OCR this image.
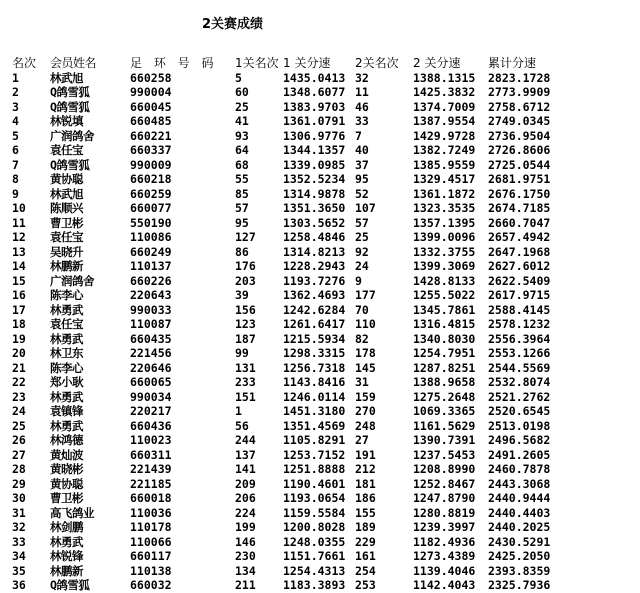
2关赛成绩
名次	会员姓名	足 环 号 码	1关名次	1 关分速	2关名次	2 关分速	累计分速
1	林武旭	660258	5	1435.0413	32	1388.1315	2823.1728
2	Q鸽雪狐	990004	60	1348.6077	11	1425.3832	2773.9909
3	Q鸽雪狐	660045	25	1383.9703	46	1374.7009	2758.6712
4	林锐填	660485	41	1361.0791	33	1387.9554	2749.0345
5	广润鸽舍	660221	93	1306.9776	7	1429.9728	2736.9504
6	袁任宝	660337	64	1344.1357	40	1382.7249	2726.8606
7	Q鸽雪狐	990009	68	1339.0985	37	1385.9559	2725.0544
8	黄协聪	660218	55	1352.5234	95	1329.4517	2681.9751
9	林武旭	660259	85	1314.9878	52	1361.1872	2676.1750
10	陈顺兴	660077	57	1351.3650	107	1323.3535	2674.7185
11	曹卫彬	550190	95	1303.5652	57	1357.1395	2660.7047
12	袁任宝	110086	127	1258.4846	25	1399.0096	2657.4942
13	吴晓升	660249	86	1314.8213	92	1332.3755	2647.1968
14	林鹏新	110137	176	1228.2943	24	1399.3069	2627.6012
15	广润鸽舍	660226	203	1193.7276	9	1428.8133	2622.5409
16	陈李心	220643	39	1362.4693	177	1255.5022	2617.9715
17	林勇武	990033	156	1242.6284	70	1345.7861	2588.4145
18	袁任宝	110087	123	1261.6417	110	1316.4815	2578.1232
19	林勇武	660435	187	1215.5934	82	1340.8030	2556.3964
20	林卫东	221456	99	1298.3315	178	1254.7951	2553.1266
21	陈李心	220646	131	1256.7318	145	1287.8251	2544.5569
22	郑小耿	660065	233	1143.8416	31	1388.9658	2532.8074
23	林勇武	990034	151	1246.0114	159	1275.2648	2521.2762
24	袁镇锋	220217	1	1451.3180	270	1069.3365	2520.6545
25	林勇武	660436	56	1351.4569	248	1161.5629	2513.0198
26	林鸿德	110023	244	1105.8291	27	1390.7391	2496.5682
27	黄灿波	660311	137	1253.7152	191	1237.5453	2491.2605
28	黄晓彬	221439	141	1251.8888	212	1208.8990	2460.7878
29	黄协聪	221185	209	1190.4601	181	1252.8467	2443.3068
30	曹卫彬	660018	206	1193.0654	186	1247.8790	2440.9444
31	高飞鸽业	110036	224	1159.5584	155	1280.8819	2440.4403
32	林剑鹏	110178	199	1200.8028	189	1239.3997	2440.2025
33	林勇武	110066	146	1248.0355	229	1182.4936	2430.5291
34	林锐锋	660117	230	1151.7661	161	1273.4389	2425.2050
35	林鹏新	110138	134	1254.4313	254	1139.4046	2393.8359
36	Q鸽雪狐	660032	211	1183.3893	253	1142.4043	2325.7936
